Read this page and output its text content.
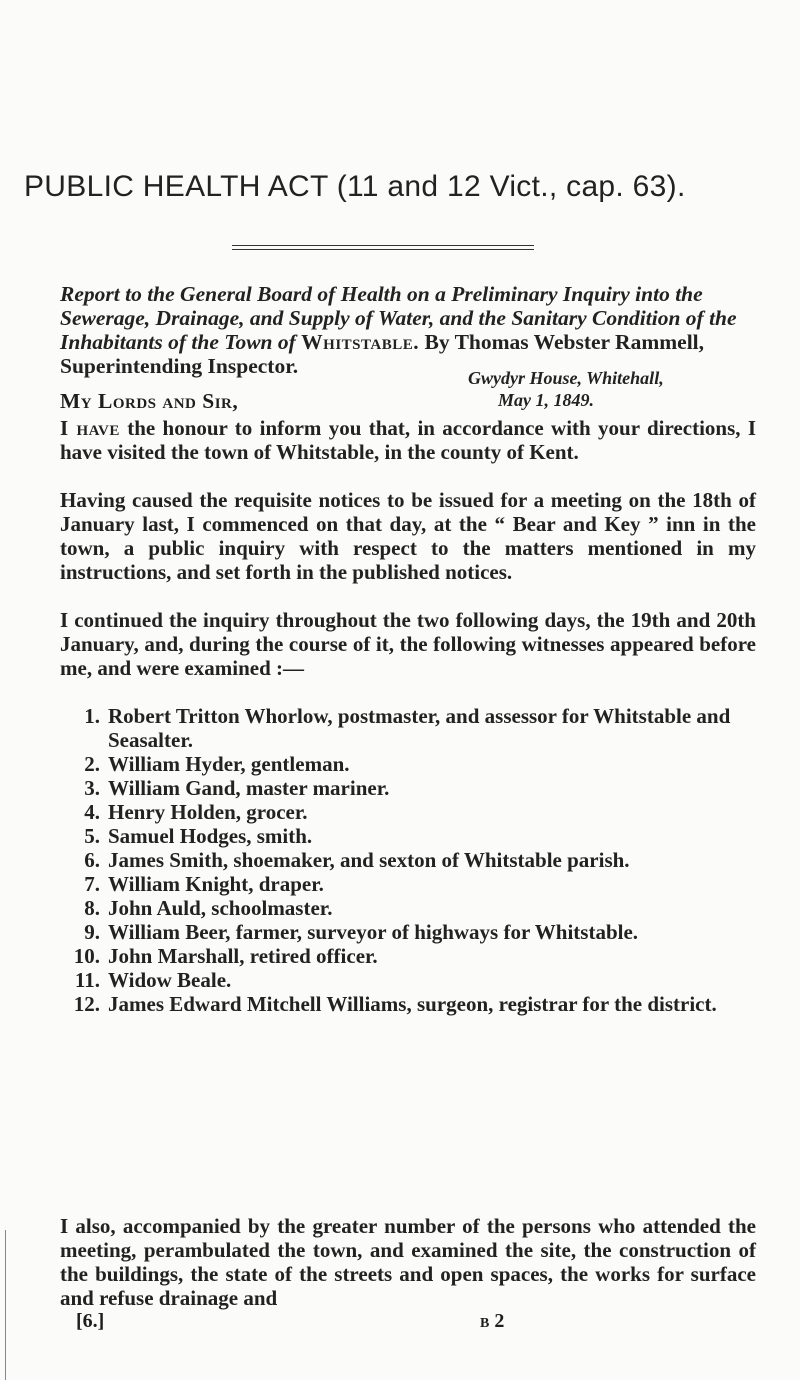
PUBLIC HEALTH ACT (11 and 12 Vict., cap. 63).
Report to the General Board of Health on a Preliminary Inquiry into the Sewerage, Drainage, and Supply of Water, and the Sanitary Condition of the Inhabitants of the Town of Whitstable. By Thomas Webster Rammell, Superintending Inspector.	Gwydyr House, Whitehall,
May 1, 1849.
My Lords and Sir,

I have the honour to inform you that, in accordance with your directions, I have visited the town of Whitstable, in the county of Kent.

Having caused the requisite notices to be issued for a meeting on the 18th of January last, I commenced on that day, at the “ Bear and Key ” inn in the town, a public inquiry with respect to the matters mentioned in my instructions, and set forth in the published notices.

I continued the inquiry throughout the two following days, the 19th and 20th January, and, during the course of it, the following witnesses appeared before me, and were examined :—

1. Robert Tritton Whorlow, postmaster, and assessor for Whitstable and Seasalter.
2. William Hyder, gentleman.
3. William Gand, master mariner.
4. Henry Holden, grocer.
5. Samuel Hodges, smith.
6. James Smith, shoemaker, and sexton of Whitstable parish.
7. William Knight, draper.
8. John Auld, schoolmaster.
9. William Beer, farmer, surveyor of highways for Whitstable.
10. John Marshall, retired officer.
11. Widow Beale.
12. James Edward Mitchell Williams, surgeon, registrar for the district.

I also, accompanied by the greater number of the persons who attended the meeting, perambulated the town, and examined the site, the construction of the buildings, the state of the streets and open spaces, the works for surface and refuse drainage and

[6.]	b 2
